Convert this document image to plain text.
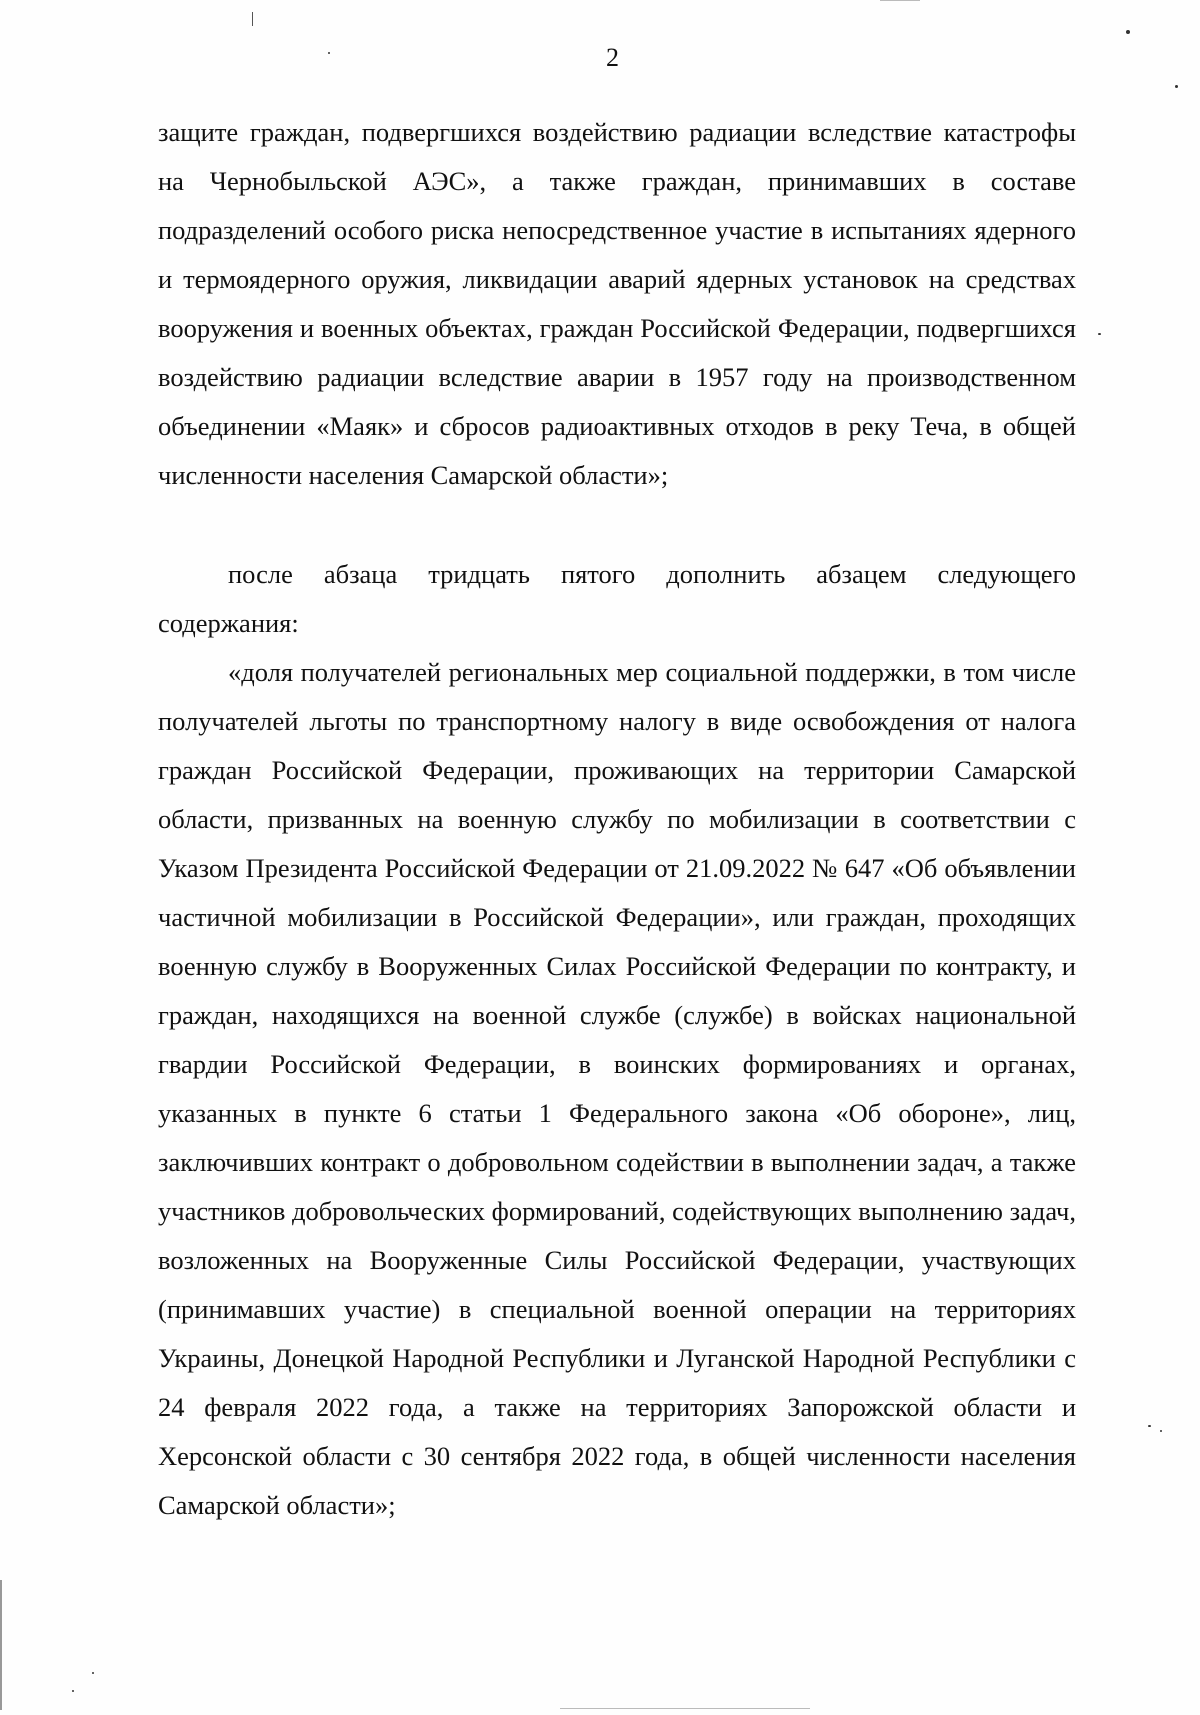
2

защите граждан, подвергшихся воздействию радиации вследствие катастрофы на Чернобыльской АЭС», а также граждан, принимавших в составе подразделений особого риска непосредственное участие в испытаниях ядерного и термоядерного оружия, ликвидации аварий ядерных установок на средствах вооружения и военных объектах, граждан Российской Федерации, подвергшихся воздействию радиации вследствие аварии в 1957 году на производственном объединении «Маяк» и сбросов радиоактивных отходов в реку Теча, в общей численности населения Самарской области»;

после абзаца тридцать пятого дополнить абзацем следующего содержания:

«доля получателей региональных мер социальной поддержки, в том числе получателей льготы по транспортному налогу в виде освобождения от налога граждан Российской Федерации, проживающих на территории Самарской области, призванных на военную службу по мобилизации в соответствии с Указом Президента Российской Федерации от 21.09.2022 № 647 «Об объявлении частичной мобилизации в Российской Федерации», или граждан, проходящих военную службу в Вооруженных Силах Российской Федерации по контракту, и граждан, находящихся на военной службе (службе) в войсках национальной гвардии Российской Федерации, в воинских формированиях и органах, указанных в пункте 6 статьи 1 Федерального закона «Об обороне», лиц, заключивших контракт о добровольном содействии в выполнении задач, а также участников добровольческих формирований, содействующих выполнению задач, возложенных на Вооруженные Силы Российской Федерации, участвующих (принимавших участие) в специальной военной операции на территориях Украины, Донецкой Народной Республики и Луганской Народной Республики с 24 февраля 2022 года, а также на территориях Запорожской области и Херсонской области с 30 сентября 2022 года, в общей численности населения Самарской области»;
